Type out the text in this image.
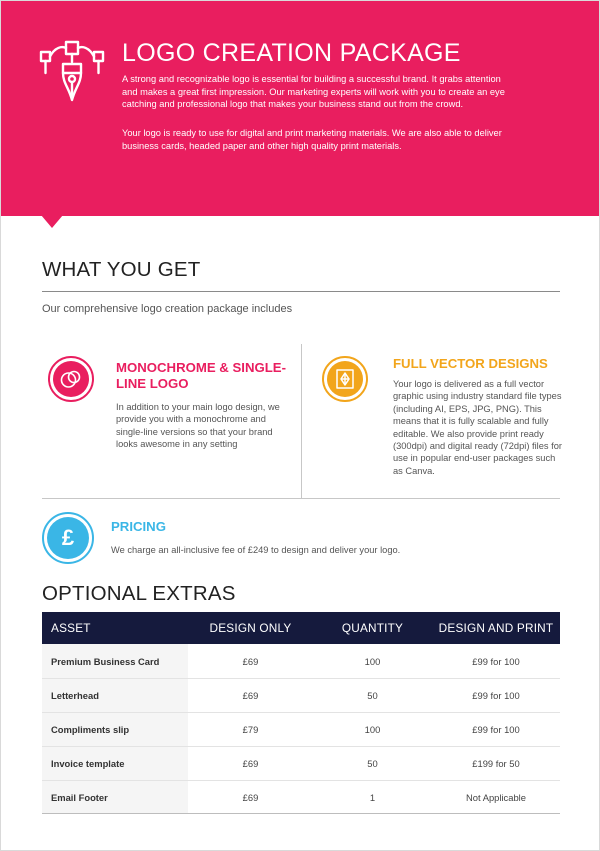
LOGO CREATION PACKAGE

A strong and recognizable logo is essential for building a successful brand. It grabs attention and makes a great first impression. Our marketing experts will work with you to create an eye catching and professional logo that makes your business stand out from the crowd.

Your logo is ready to use for digital and print marketing materials. We are also able to deliver business cards, headed paper and other high quality print materials.

WHAT YOU GET

Our comprehensive logo creation package includes

MONOCHROME & SINGLE-LINE LOGO

In addition to your main logo design, we provide you with a monochrome and single-line versions so that your brand looks awesome in any setting

FULL VECTOR DESIGNS

Your logo is delivered as a full vector graphic using industry standard file types (including AI, EPS, JPG, PNG). This means that it is fully scalable and fully editable. We also provide print ready (300dpi) and digital ready (72dpi) files for use in popular end-user packages such as Canva.

£	PRICING

We charge an all-inclusive fee of £249 to design and deliver your logo.

OPTIONAL EXTRAS
ASSET	DESIGN ONLY	QUANTITY	DESIGN AND PRINT
Premium Business Card	£69	100	£99 for 100
Letterhead	£69	50	£99 for 100
Compliments slip	£79	100	£99 for 100
Invoice template	£69	50	£199 for 50
Email Footer	£69	1	Not Applicable
